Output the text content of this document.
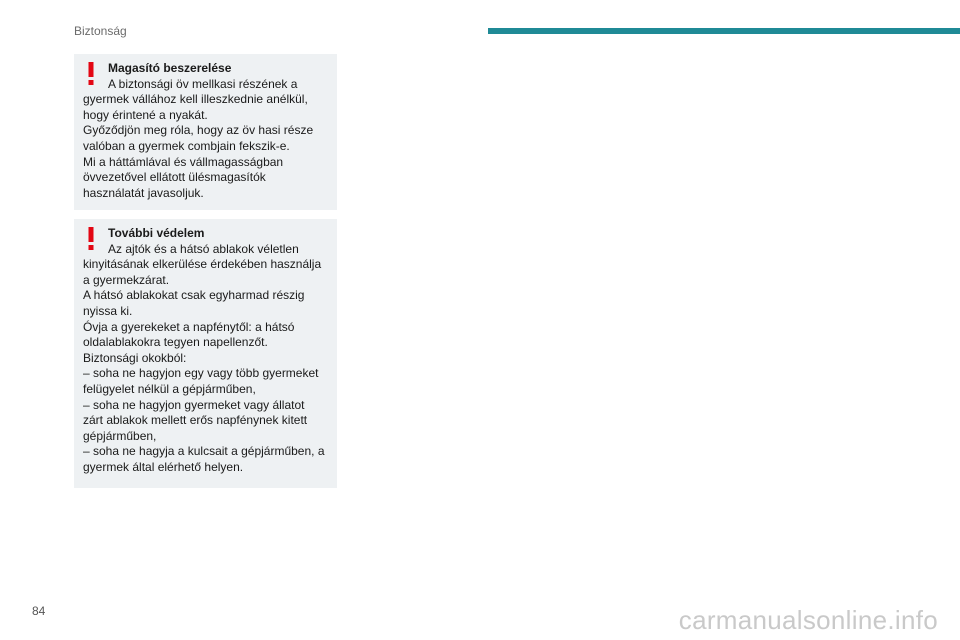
Biztonság
Magasító beszerelése
A biztonsági öv mellkasi részének a
gyermek vállához kell illeszkednie anélkül,
hogy érintené a nyakát.
Győződjön meg róla, hogy az öv hasi része
valóban a gyermek combjain fekszik-e.
Mi a háttámlával és vállmagasságban
övvezetővel ellátott ülésmagasítók
használatát javasoljuk.
További védelem
Az ajtók és a hátsó ablakok véletlen
kinyitásának elkerülése érdekében használja
a gyermekzárat.
A hátsó ablakokat csak egyharmad részig
nyissa ki.
Óvja a gyerekeket a napfénytől: a hátsó
oldalablakokra tegyen napellenzőt.
Biztonsági okokból:
– soha ne hagyjon egy vagy több gyermeket
felügyelet nélkül a gépjárműben,
– soha ne hagyjon gyermeket vagy állatot
zárt ablakok mellett erős napfénynek kitett
gépjárműben,
– soha ne hagyja a kulcsait a gépjárműben, a
gyermek által elérhető helyen.
84	carmanualsonline.info
